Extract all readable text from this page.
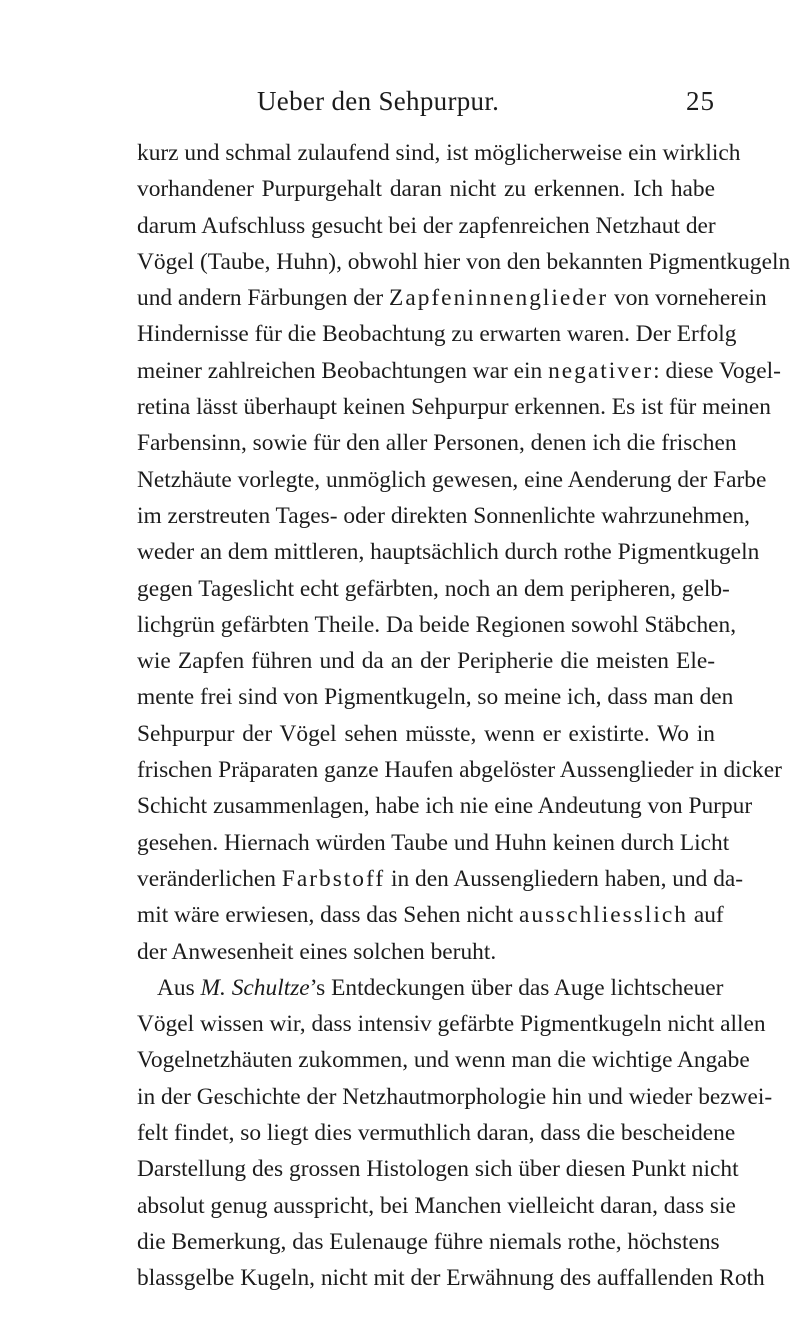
Ueber den Sehpurpur.	25
kurz und schmal zulaufend sind, ist möglicherweise ein wirklich
vorhandener Purpurgehalt daran nicht zu erkennen. Ich habe
darum Aufschluss gesucht bei der zapfenreichen Netzhaut der
Vögel (Taube, Huhn), obwohl hier von den bekannten Pigmentkugeln
und andern Färbungen der Zapfeninnenglieder von vorneherein
Hindernisse für die Beobachtung zu erwarten waren. Der Erfolg
meiner zahlreichen Beobachtungen war ein negativer: diese Vogel-
retina lässt überhaupt keinen Sehpurpur erkennen. Es ist für meinen
Farbensinn, sowie für den aller Personen, denen ich die frischen
Netzhäute vorlegte, unmöglich gewesen, eine Aenderung der Farbe
im zerstreuten Tages- oder direkten Sonnenlichte wahrzunehmen,
weder an dem mittleren, hauptsächlich durch rothe Pigmentkugeln
gegen Tageslicht echt gefärbten, noch an dem peripheren, gelb-
lichgrün gefärbten Theile. Da beide Regionen sowohl Stäbchen,
wie Zapfen führen und da an der Peripherie die meisten Ele-
mente frei sind von Pigmentkugeln, so meine ich, dass man den
Sehpurpur der Vögel sehen müsste, wenn er existirte. Wo in
frischen Präparaten ganze Haufen abgelöster Aussenglieder in dicker
Schicht zusammenlagen, habe ich nie eine Andeutung von Purpur
gesehen. Hiernach würden Taube und Huhn keinen durch Licht
veränderlichen Farbstoff in den Aussengliedern haben, und da-
mit wäre erwiesen, dass das Sehen nicht ausschliesslich auf
der Anwesenheit eines solchen beruht.
Aus M. Schultze’s Entdeckungen über das Auge lichtscheuer
Vögel wissen wir, dass intensiv gefärbte Pigmentkugeln nicht allen
Vogelnetzhäuten zukommen, und wenn man die wichtige Angabe
in der Geschichte der Netzhautmorphologie hin und wieder bezwei-
felt findet, so liegt dies vermuthlich daran, dass die bescheidene
Darstellung des grossen Histologen sich über diesen Punkt nicht
absolut genug ausspricht, bei Manchen vielleicht daran, dass sie
die Bemerkung, das Eulenauge führe niemals rothe, höchstens
blassgelbe Kugeln, nicht mit der Erwähnung des auffallenden Roth
